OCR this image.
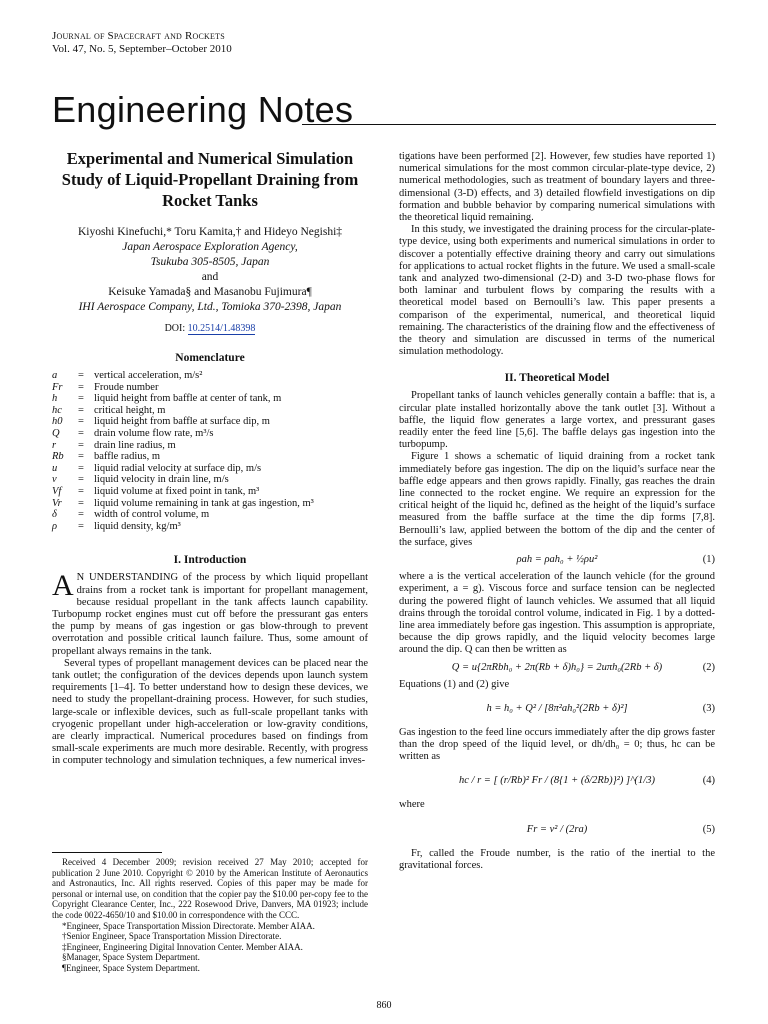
Journal of Spacecraft and Rockets
Vol. 47, No. 5, September–October 2010
Engineering Notes
Experimental and Numerical Simulation Study of Liquid-Propellant Draining from Rocket Tanks
Kiyoshi Kinefuchi,* Toru Kamita,† and Hideyo Negishi‡
Japan Aerospace Exploration Agency,
Tsukuba 305-8505, Japan
and
Keisuke Yamada§ and Masanobu Fujimura¶
IHI Aerospace Company, Ltd., Tomioka 370-2398, Japan
DOI: 10.2514/1.48398
Nomenclature
a	=	vertical acceleration, m/s²
Fr	=	Froude number
h	=	liquid height from baffle at center of tank, m
hc	=	critical height, m
h0	=	liquid height from baffle at surface dip, m
Q	=	drain volume flow rate, m³/s
r	=	drain line radius, m
Rb	=	baffle radius, m
u	=	liquid radial velocity at surface dip, m/s
v	=	liquid velocity in drain line, m/s
Vf	=	liquid volume at fixed point in tank, m³
Vr	=	liquid volume remaining in tank at gas ingestion, m³
δ	=	width of control volume, m
ρ	=	liquid density, kg/m³
I. Introduction

A N UNDERSTANDING of the process by which liquid propellant drains from a rocket tank is important for propellant management, because residual propellant in the tank affects launch capability. Turbopump rocket engines must cut off before the pressurant gas enters the pump by means of gas ingestion or gas blow-through to prevent overrotation and possible critical launch failure. Thus, some amount of propellant always remains in the tank.

Several types of propellant management devices can be placed near the tank outlet; the configuration of the devices depends upon launch system requirements [1–4]. To better understand how to design these devices, we need to study the propellant-draining process. However, for such studies, large-scale or inflexible devices, such as full-scale propellant tanks with cryogenic propellant under high-acceleration or low-gravity conditions, are clearly impractical. Numerical procedures based on findings from small-scale experiments are much more desirable. Recently, with progress in computer technology and simulation techniques, a few numerical inves-

Received 4 December 2009; revision received 27 May 2010; accepted for publication 2 June 2010. Copyright © 2010 by the American Institute of Aeronautics and Astronautics, Inc. All rights reserved. Copies of this paper may be made for personal or internal use, on condition that the copier pay the $10.00 per-copy fee to the Copyright Clearance Center, Inc., 222 Rosewood Drive, Danvers, MA 01923; include the code 0022-4650/10 and $10.00 in correspondence with the CCC.

*Engineer, Space Transportation Mission Directorate. Member AIAA.

†Senior Engineer, Space Transportation Mission Directorate.

‡Engineer, Engineering Digital Innovation Center. Member AIAA.

§Manager, Space System Department.

¶Engineer, Space System Department.

tigations have been performed [2]. However, few studies have reported 1) numerical simulations for the most common circular-plate-type device, 2) numerical methodologies, such as treatment of boundary layers and three-dimensional (3-D) effects, and 3) detailed flowfield investigations on dip formation and bubble behavior by comparing numerical simulations with the theoretical liquid remaining.

In this study, we investigated the draining process for the circular-plate-type device, using both experiments and numerical simulations in order to discover a potentially effective draining theory and carry out simulations for applications to actual rocket flights in the future. We used a small-scale tank and analyzed two-dimensional (2-D) and 3-D two-phase flows for both laminar and turbulent flows by comparing the results with a theoretical model based on Bernoulli’s law. This paper presents a comparison of the experimental, numerical, and theoretical liquid remaining. The characteristics of the draining flow and the effectiveness of the theory and simulation are discussed in terms of the numerical simulation methodology.

II. Theoretical Model

Propellant tanks of launch vehicles generally contain a baffle: that is, a circular plate installed horizontally above the tank outlet [3]. Without a baffle, the liquid flow generates a large vortex, and pressurant gases readily enter the feed line [5,6]. The baffle delays gas ingestion into the turbopump.

Figure 1 shows a schematic of liquid draining from a rocket tank immediately before gas ingestion. The dip on the liquid’s surface near the baffle edge appears and then grows rapidly. Finally, gas reaches the drain line connected to the rocket engine. We require an expression for the critical height of the liquid hc, defined as the height of the liquid’s surface measured from the baffle surface at the time the dip forms [7,8]. Bernoulli’s law, applied between the bottom of the dip and the center of the surface, gives

ρah = ρah₀ + ½ρu²	(1)

where a is the vertical acceleration of the launch vehicle (for the ground experiment, a = g). Viscous force and surface tension can be neglected during the powered flight of launch vehicles. We assumed that all liquid drains through the toroidal control volume, indicated in Fig. 1 by a dotted-line area immediately before gas ingestion. This assumption is appropriate, because the dip grows rapidly, and the liquid velocity becomes large around the dip. Q can then be written as

Q = u{2πRbh₀ + 2π(Rb + δ)h₀} = 2uπh₀(2Rb + δ)	(2)

Equations (1) and (2) give

h = h₀ + Q² / [8π²ah₀²(2Rb + δ)²]	(3)

Gas ingestion to the feed line occurs immediately after the dip grows faster than the drop speed of the liquid level, or dh/dh₀ = 0; thus, hc can be written as

hc / r = [ (r/Rb)² Fr / (8{1 + (δ/2Rb)}²) ]^(1/3)	(4)

where

Fr = v² / (2ra)	(5)

Fr, called the Froude number, is the ratio of the inertial to the gravitational forces.

860
